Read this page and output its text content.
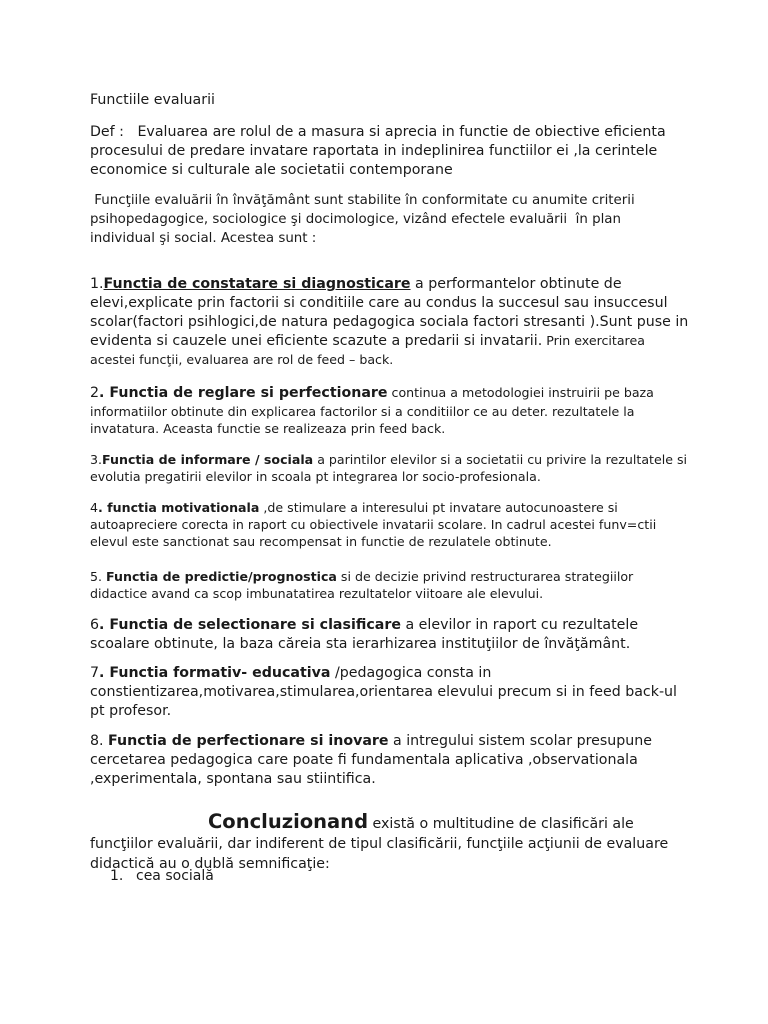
Functiile evaluarii

Def :   Evaluarea are rolul de a masura si aprecia in functie de obiective eficienta procesului de predare invatare raportata in indeplinirea functiilor ei ,la cerintele economice si culturale ale societatii contemporane

Funcţiile evaluării în învăţământ sunt stabilite în conformitate cu anumite criterii psihopedagogice, sociologice şi docimologice, vizând efectele evaluării  în plan individual şi social. Acestea sunt :

1.Functia de constatare si diagnosticare a performantelor obtinute de elevi,explicate prin factorii si conditiile care au condus la succesul sau insuccesul scolar(factori psihlogici,de natura pedagogica sociala factori stresanti ).Sunt puse in evidenta si cauzele unei eficiente scazute a predarii si invatarii. Prin exercitarea acestei funcţii, evaluarea are rol de feed – back.

2. Functia de reglare si perfectionare continua a metodologiei instruirii pe baza informatiilor obtinute din explicarea factorilor si a conditiilor ce au deter. rezultatele la invatatura. Aceasta functie se realizeaza prin feed back.

3.Functia de informare / sociala a parintilor elevilor si a societatii cu privire la rezultatele si evolutia pregatirii elevilor in scoala pt integrarea lor socio-profesionala.

4. functia motivationala ,de stimulare a interesului pt invatare autocunoastere si autoapreciere corecta in raport cu obiectivele invatarii scolare. In cadrul acestei funv=ctii elevul este sanctionat sau recompensat in functie de rezulatele obtinute.

5. Functia de predictie/prognostica si de decizie privind restructurarea strategiilor didactice avand ca scop imbunatatirea rezultatelor viitoare ale elevului.

6. Functia de selectionare si clasificare a elevilor in raport cu rezultatele scoalare obtinute, la baza căreia sta ierarhizarea instituţiilor de învăţământ.

7. Functia formativ- educativa /pedagogica consta in constientizarea,motivarea,stimularea,orientarea elevului precum si in feed back-ul pt profesor.

8. Functia de perfectionare si inovare a intregului sistem scolar presupune cercetarea pedagogica care poate fi fundamentala aplicativa ,observationala ,experimentala, spontana sau stiintifica.

Concluzionand există o multitudine de clasificări ale funcţiilor evaluării, dar indiferent de tipul clasificării, funcţiile acţiunii de evaluare didactică au o dublă semnificaţie:

1. cea socială
